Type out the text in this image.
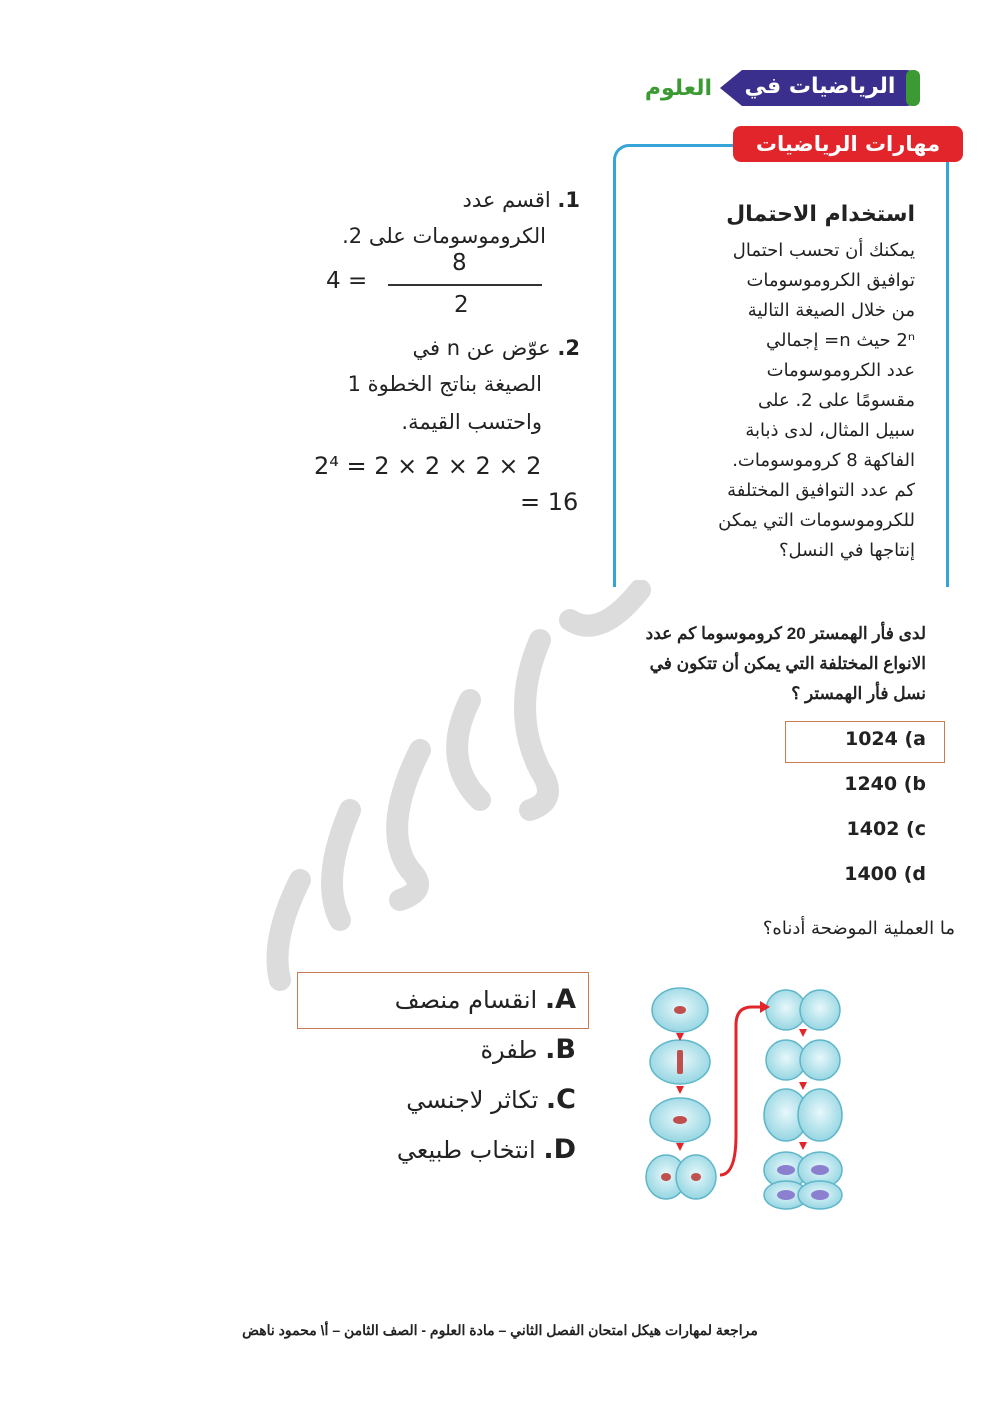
الرياضيات في
العلوم
مهارات الرياضيات
استخدام الاحتمال
يمكنك أن تحسب احتمال
توافيق الكروموسومات
من خلال الصيغة التالية
2ⁿ حيث n= إجمالي
عدد الكروموسومات
مقسومًا على 2. على
سبيل المثال، لدى ذبابة
الفاكهة 8 كروموسومات.
كم عدد التوافيق المختلفة
للكروموسومات التي يمكن
إنتاجها في النسل؟
1. اقسم عدد
الكروموسومات على 2.
8
2
4 =
2. عوّض عن n في
الصيغة بناتج الخطوة 1
واحتسب القيمة.
2⁴ = 2 × 2 × 2 × 2
= 16
لدى فأر الهمستر 20 كروموسوما كم عدد
الانواع المختلفة التي يمكن أن تتكون في
نسل فأر الهمستر ؟
1024 (a
1240 (b
1402 (c
1400 (d
ما العملية الموضحة أدناه؟
A. انقسام منصف
B. طفرة
C. تكاثر لاجنسي
D. انتخاب طبيعي
مراجعة لمهارات هيكل امتحان الفصل الثاني – مادة العلوم - الصف الثامن – أ\ محمود ناهض
